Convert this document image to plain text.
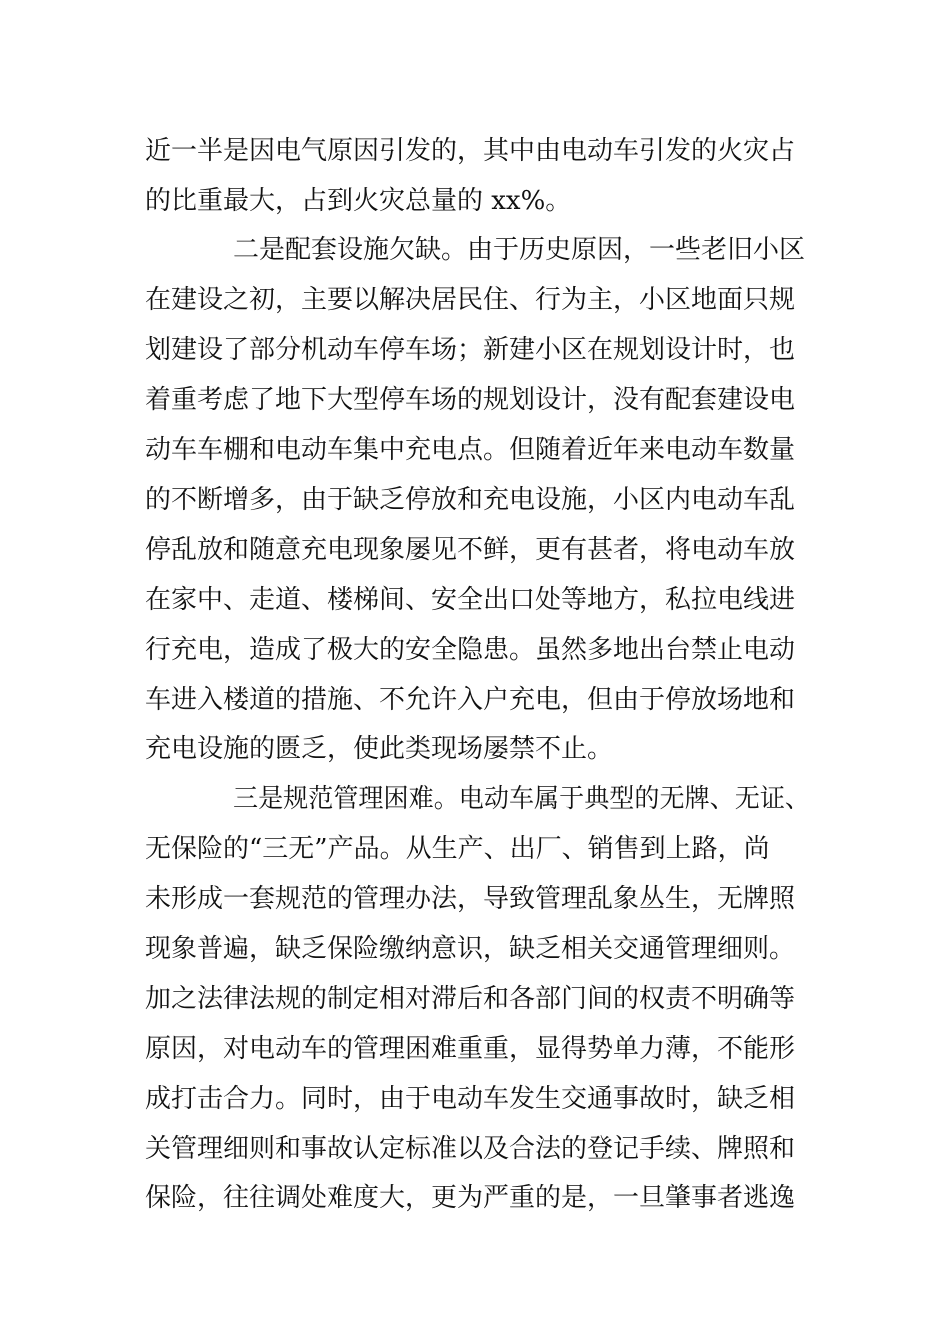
近一半是因电气原因引发的，其中由电动车引发的火灾占
的比重最大，占到火灾总量的 xx%。
二是配套设施欠缺。由于历史原因，一些老旧小区
在建设之初，主要以解决居民住、行为主，小区地面只规
划建设了部分机动车停车场；新建小区在规划设计时，也
着重考虑了地下大型停车场的规划设计，没有配套建设电
动车车棚和电动车集中充电点。但随着近年来电动车数量
的不断增多，由于缺乏停放和充电设施，小区内电动车乱
停乱放和随意充电现象屡见不鲜，更有甚者，将电动车放
在家中、走道、楼梯间、安全出口处等地方，私拉电线进
行充电，造成了极大的安全隐患。虽然多地出台禁止电动
车进入楼道的措施、不允许入户充电，但由于停放场地和
充电设施的匮乏，使此类现场屡禁不止。
三是规范管理困难。电动车属于典型的无牌、无证、
无保险的“三无”产品。从生产、出厂、销售到上路，尚
未形成一套规范的管理办法，导致管理乱象丛生，无牌照
现象普遍，缺乏保险缴纳意识，缺乏相关交通管理细则。
加之法律法规的制定相对滞后和各部门间的权责不明确等
原因，对电动车的管理困难重重，显得势单力薄，不能形
成打击合力。同时，由于电动车发生交通事故时，缺乏相
关管理细则和事故认定标准以及合法的登记手续、牌照和
保险，往往调处难度大，更为严重的是，一旦肇事者逃逸
